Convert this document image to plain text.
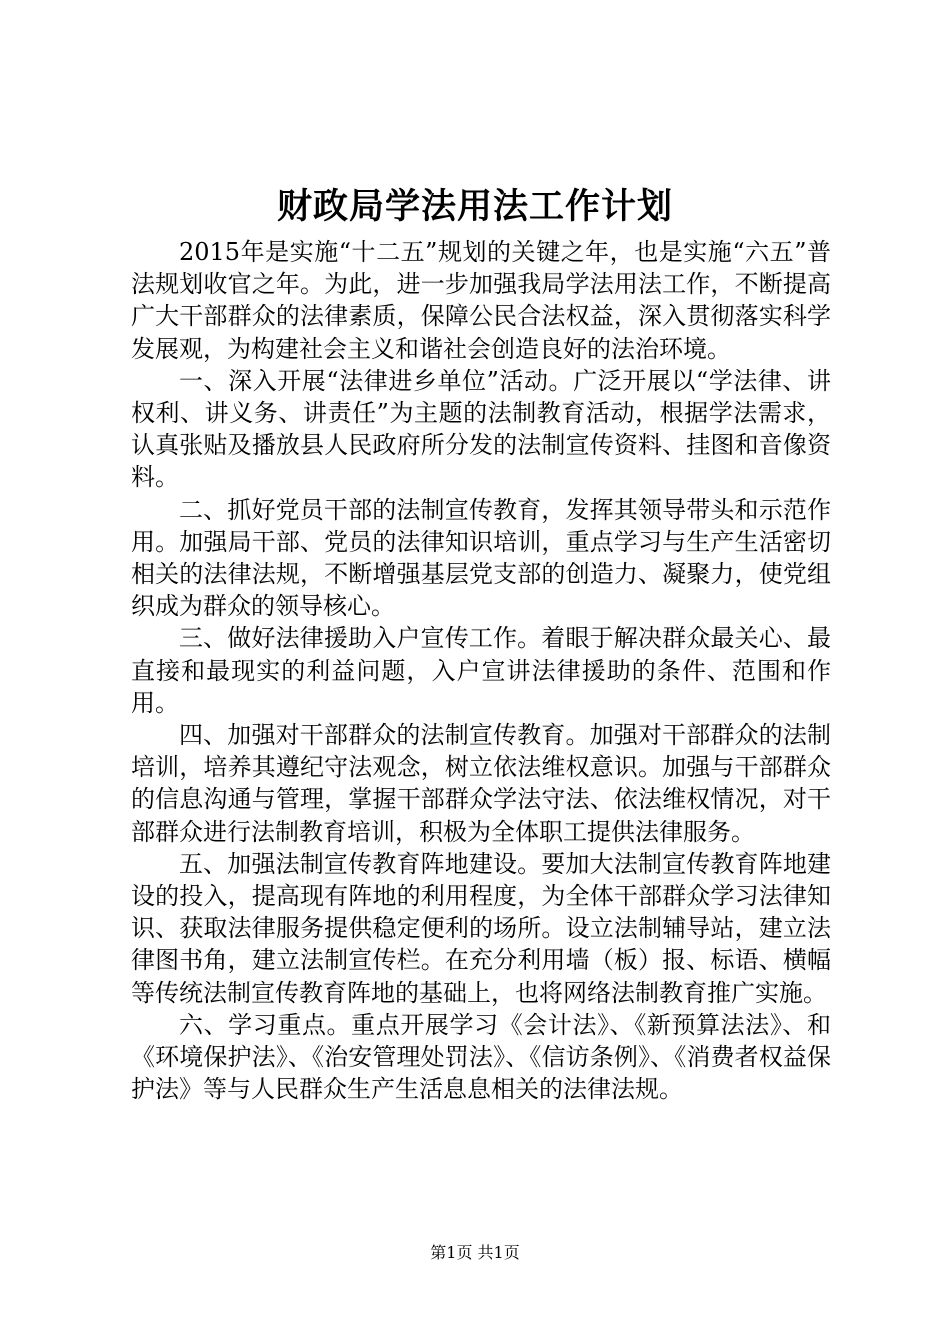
财政局学法用法工作计划

2015年是实施“十二五”规划的关键之年，也是实施“六五”普法规划收官之年。为此，进一步加强我局学法用法工作，不断提高广大干部群众的法律素质，保障公民合法权益，深入贯彻落实科学发展观，为构建社会主义和谐社会创造良好的法治环境。

一、深入开展“法律进乡单位”活动。广泛开展以“学法律、讲权利、讲义务、讲责任”为主题的法制教育活动，根据学法需求，认真张贴及播放县人民政府所分发的法制宣传资料、挂图和音像资料。

二、抓好党员干部的法制宣传教育，发挥其领导带头和示范作用。加强局干部、党员的法律知识培训，重点学习与生产生活密切相关的法律法规，不断增强基层党支部的创造力、凝聚力，使党组织成为群众的领导核心。

三、做好法律援助入户宣传工作。着眼于解决群众最关心、最直接和最现实的利益问题，入户宣讲法律援助的条件、范围和作用。

四、加强对干部群众的法制宣传教育。加强对干部群众的法制培训，培养其遵纪守法观念，树立依法维权意识。加强与干部群众的信息沟通与管理，掌握干部群众学法守法、依法维权情况，对干部群众进行法制教育培训，积极为全体职工提供法律服务。

五、加强法制宣传教育阵地建设。要加大法制宣传教育阵地建设的投入，提高现有阵地的利用程度，为全体干部群众学习法律知识、获取法律服务提供稳定便利的场所。设立法制辅导站，建立法律图书角，建立法制宣传栏。在充分利用墙（板）报、标语、横幅等传统法制宣传教育阵地的基础上，也将网络法制教育推广实施。

六、学习重点。重点开展学习《会计法》、《新预算法法》、和《环境保护法》、《治安管理处罚法》、《信访条例》、《消费者权益保护法》等与人民群众生产生活息息相关的法律法规。

第1页 共1页
